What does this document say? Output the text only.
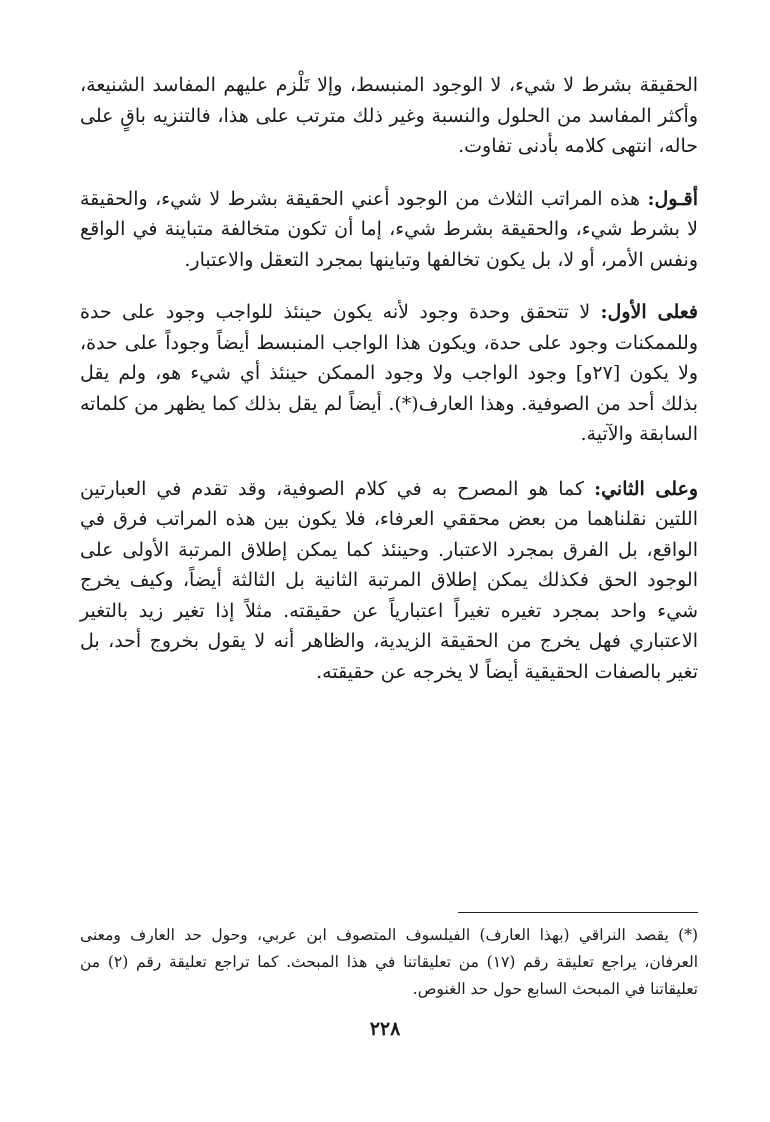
الحقيقة بشرط لا شيء، لا الوجود المنبسط، وإلا تَلْزم عليهم المفاسد الشنيعة، وأكثر المفاسد من الحلول والنسبة وغير ذلك مترتب على هذا، فالتنزيه باقٍ على حاله، انتهى كلامه بأدنى تفاوت.

أقـول: هذه المراتب الثلاث من الوجود أعني الحقيقة بشرط لا شيء، والحقيقة لا بشرط شيء، والحقيقة بشرط شيء، إما أن تكون متخالفة متباينة في الواقع ونفس الأمر، أو لا، بل يكون تخالفها وتباينها بمجرد التعقل والاعتبار.

فعلى الأول: لا تتحقق وحدة وجود لأنه يكون حينئذ للواجب وجود على حدة وللممكنات وجود على حدة، ويكون هذا الواجب المنبسط أيضاً وجوداً على حدة، ولا يكون [٢٧و] وجود الواجب ولا وجود الممكن حينئذ أي شيء هو، ولم يقل بذلك أحد من الصوفية. وهذا العارف(*). أيضاً لم يقل بذلك كما يظهر من كلماته السابقة والآتية.

وعلى الثاني: كما هو المصرح به في كلام الصوفية، وقد تقدم في العبارتين اللتين نقلناهما من بعض محققي العرفاء، فلا يكون بين هذه المراتب فرق في الواقع، بل الفرق بمجرد الاعتبار. وحينئذ كما يمكن إطلاق المرتبة الأولى على الوجود الحق فكذلك يمكن إطلاق المرتبة الثانية بل الثالثة أيضاً، وكيف يخرج شيء واحد بمجرد تغيره تغيراً اعتبارياً عن حقيقته. مثلاً إذا تغير زيد بالتغير الاعتباري فهل يخرج من الحقيقة الزيدية، والظاهر أنه لا يقول بخروج أحد، بل تغير بالصفات الحقيقية أيضاً لا يخرجه عن حقيقته.

(*) يقصد النراقي (بهذا العارف) الفيلسوف المتصوف ابن عربي، وحول حد العارف ومعنى العرفان، يراجع تعليقة رقم (١٧) من تعليقاتنا في هذا المبحث. كما تراجع تعليقة رقم (٢) من تعليقاتنا في المبحث السابع حول حد الغنوص.

٢٢٨
